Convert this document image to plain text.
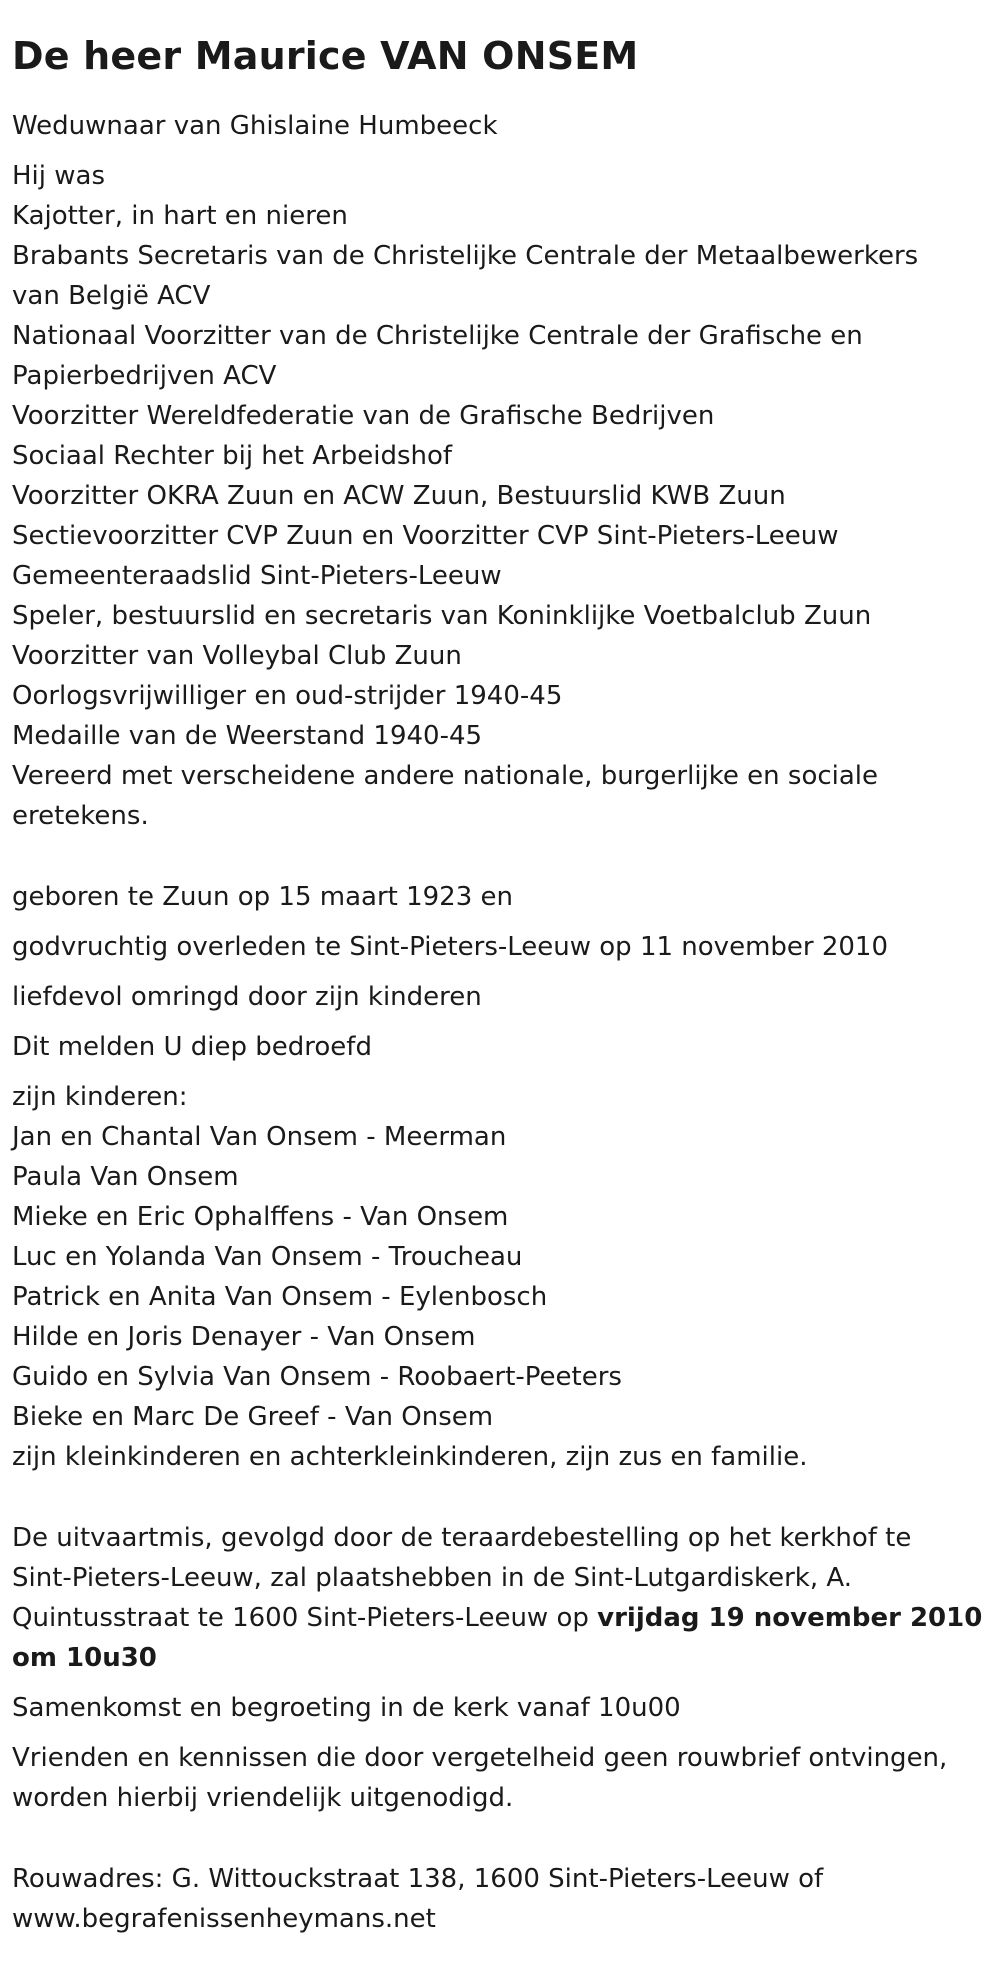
De heer Maurice VAN ONSEM
Weduwnaar van Ghislaine Humbeeck
Hij was
Kajotter, in hart en nieren
Brabants Secretaris van de Christelijke Centrale der Metaalbewerkers
van België ACV
Nationaal Voorzitter van de Christelijke Centrale der Grafische en
Papierbedrijven ACV
Voorzitter Wereldfederatie van de Grafische Bedrijven
Sociaal Rechter bij het Arbeidshof
Voorzitter OKRA Zuun en ACW Zuun, Bestuurslid KWB Zuun
Sectievoorzitter CVP Zuun en Voorzitter CVP Sint-Pieters-Leeuw
Gemeenteraadslid Sint-Pieters-Leeuw
Speler, bestuurslid en secretaris van Koninklijke Voetbalclub Zuun
Voorzitter van Volleybal Club Zuun
Oorlogsvrijwilliger en oud-strijder 1940-45
Medaille van de Weerstand 1940-45
Vereerd met verscheidene andere nationale, burgerlijke en sociale
eretekens.
geboren te Zuun op 15 maart 1923 en
godvruchtig overleden te Sint-Pieters-Leeuw op 11 november 2010
liefdevol omringd door zijn kinderen
Dit melden U diep bedroefd
zijn kinderen:
Jan en Chantal Van Onsem - Meerman
Paula Van Onsem
Mieke en Eric Ophalffens - Van Onsem
Luc en Yolanda Van Onsem - Troucheau
Patrick en Anita Van Onsem - Eylenbosch
Hilde en Joris Denayer - Van Onsem
Guido en Sylvia Van Onsem - Roobaert-Peeters
Bieke en Marc De Greef - Van Onsem
zijn kleinkinderen en achterkleinkinderen, zijn zus en familie.
De uitvaartmis, gevolgd door de teraardebestelling op het kerkhof te
Sint-Pieters-Leeuw, zal plaatshebben in de Sint-Lutgardiskerk, A.
Quintusstraat te 1600 Sint-Pieters-Leeuw op vrijdag 19 november 2010
om 10u30
Samenkomst en begroeting in de kerk vanaf 10u00
Vrienden en kennissen die door vergetelheid geen rouwbrief ontvingen,
worden hierbij vriendelijk uitgenodigd.
Rouwadres: G. Wittouckstraat 138, 1600 Sint-Pieters-Leeuw of
www.begrafenissenheymans.net
